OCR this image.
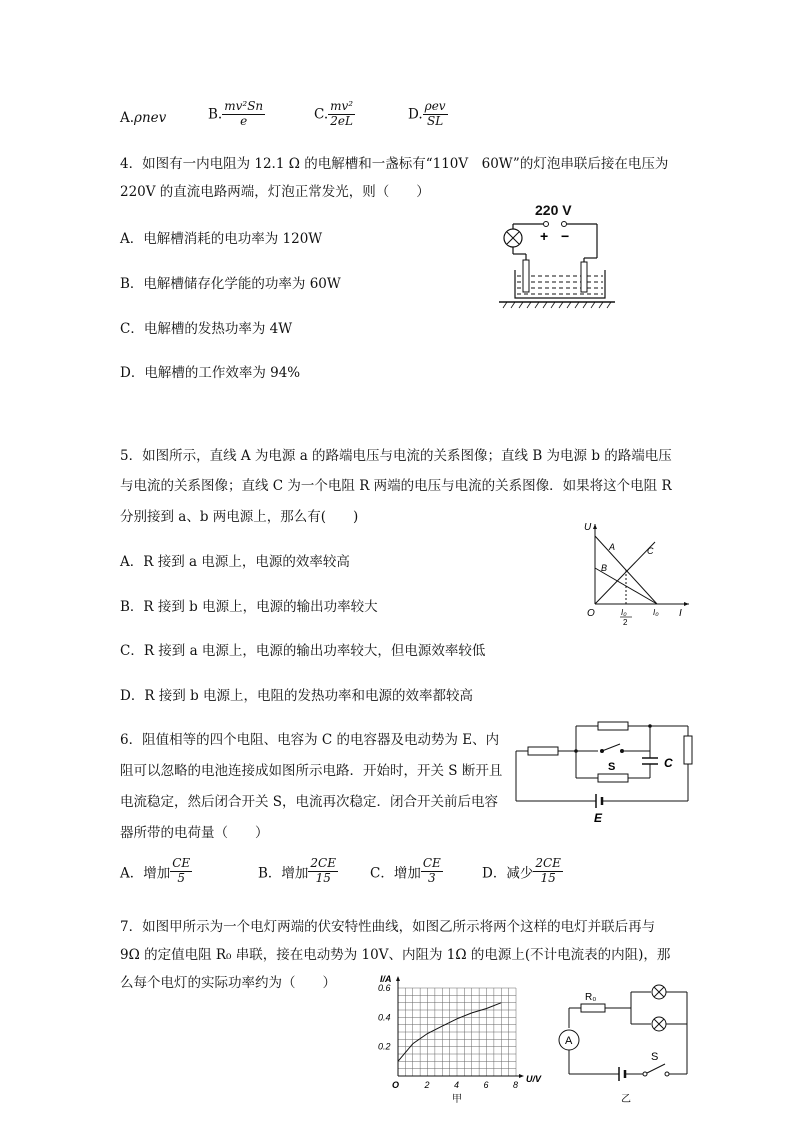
A.ρnev	B. $\frac{\text{mv²Sn}}{e}$	C. $\frac{\text{mv²}}{2eL}$	D. $\frac{\text{ρev}}{SL}$
4．如图有一内电阻为 12.1 Ω 的电解槽和一盏标有“110V　60W”的灯泡串联后接在电压为
220V 的直流电路两端，灯泡正常发光，则（　　）
A．电解槽消耗的电功率为 120W
B．电解槽储存化学能的功率为 60W
C．电解槽的发热功率为 4W
D．电解槽的工作效率为 94%
220 V
+ −
5．如图所示，直线 A 为电源 a 的路端电压与电流的关系图像；直线 B 为电源 b 的路端电压
与电流的关系图像；直线 C 为一个电阻 R 两端的电压与电流的关系图像．如果将这个电阻 R
分别接到 a、b 两电源上，那么有(　　)
A．R 接到 a 电源上，电源的效率较高
B．R 接到 b 电源上，电源的输出功率较大
C．R 接到 a 电源上，电源的输出功率较大，但电源效率较低
D．R 接到 b 电源上，电阻的发热功率和电源的效率都较高
U
I
O
A
B
C
I₀
2
I₀
6．阻值相等的四个电阻、电容为 C 的电容器及电动势为 E、内
阻可以忽略的电池连接成如图所示电路．开始时，开关 S 断开且
电流稳定，然后闭合开关 S，电流再次稳定．闭合开关前后电容
器所带的电荷量（　　）
A．增加 $\frac{CE}{5}$	B．增加 $\frac{2CE}{15}$ C．增加 $\frac{CE}{3}$	D．减少 $\frac{2CE}{15}$
S	C
E
7．如图甲所示为一个电灯两端的伏安特性曲线，如图乙所示将两个这样的电灯并联后再与
9Ω 的定值电阻 R₀ 串联，接在电动势为 10V、内阻为 1Ω 的电源上(不计电流表的内阻)，那
么每个电灯的实际功率约为（　　）	I/A
U/V
O	2	4	6	8
0.2
0.4
0.6
甲
R₀
A
S
乙
